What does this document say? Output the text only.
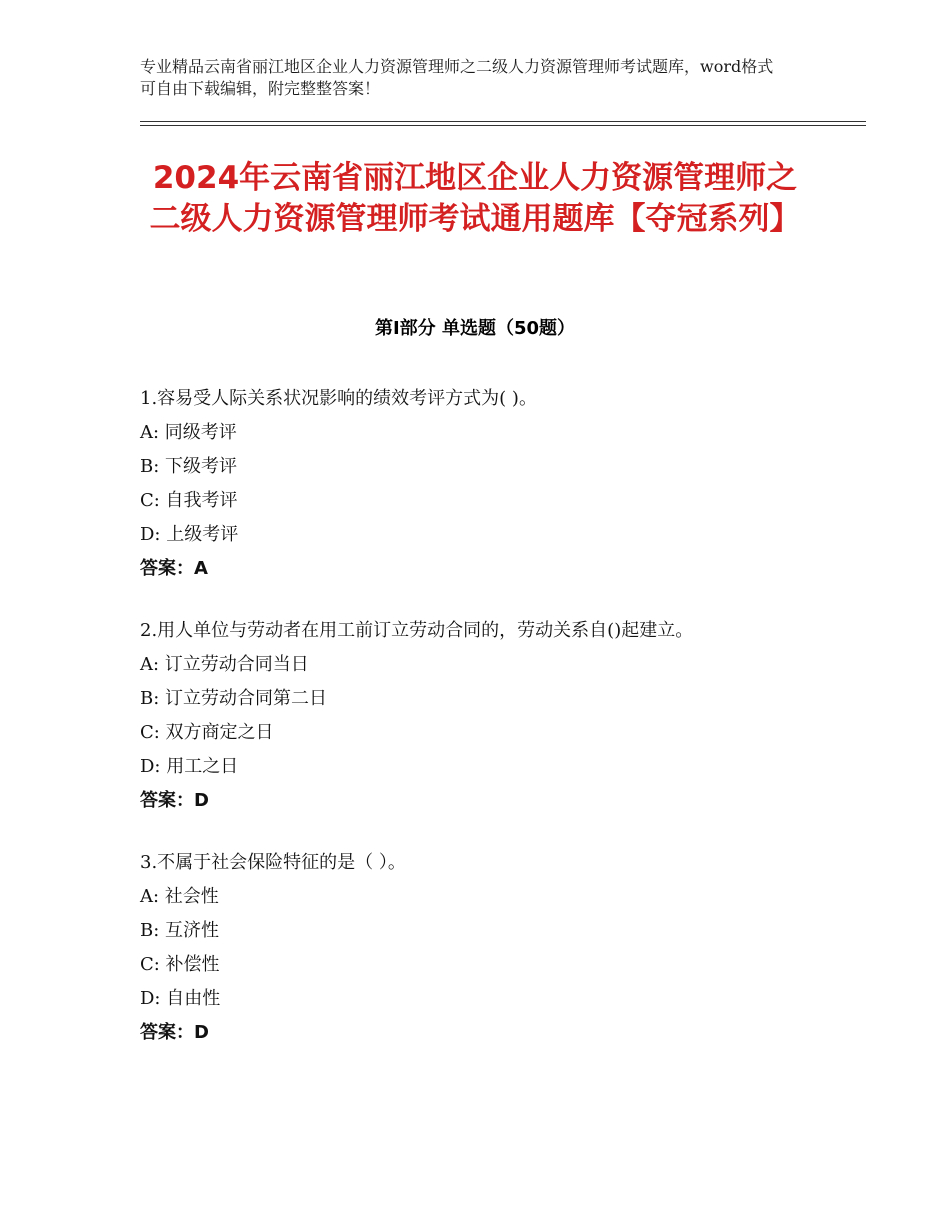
专业精品云南省丽江地区企业人力资源管理师之二级人力资源管理师考试题库，word格式可自由下载编辑，附完整整答案！
2024年云南省丽江地区企业人力资源管理师之二级人力资源管理师考试通用题库【夺冠系列】
第Ⅰ部分 单选题（50题）
1.容易受人际关系状况影响的绩效考评方式为( )。
A: 同级考评
B: 下级考评
C: 自我考评
D: 上级考评
答案：A
2.用人单位与劳动者在用工前订立劳动合同的，劳动关系自()起建立。
A: 订立劳动合同当日
B: 订立劳动合同第二日
C: 双方商定之日
D: 用工之日
答案：D
3.不属于社会保险特征的是（ ）。
A: 社会性
B: 互济性
C: 补偿性
D: 自由性
答案：D
